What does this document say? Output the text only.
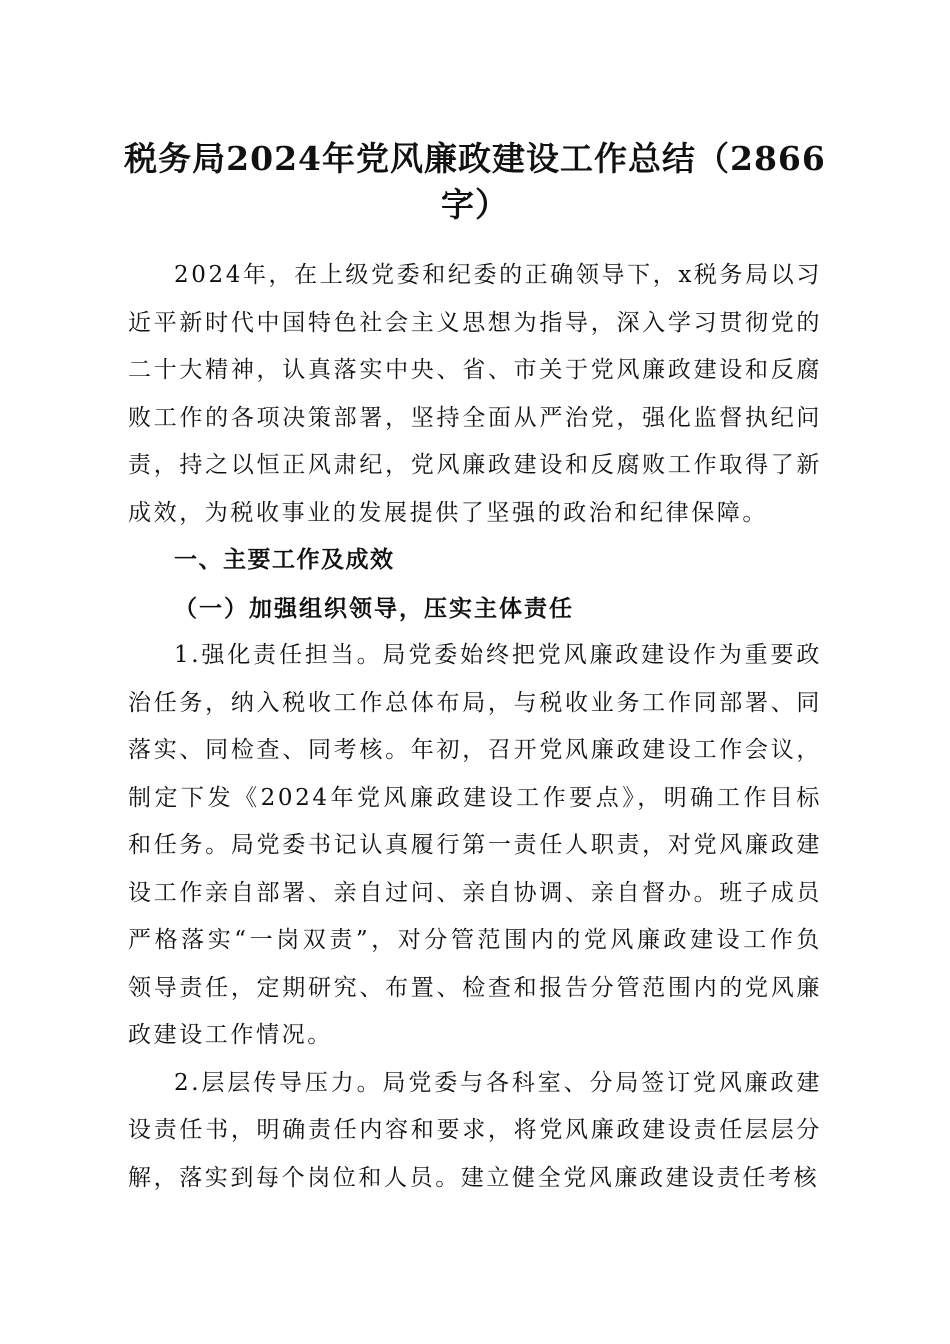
税务局2024年党风廉政建设工作总结（2866字）

2024年，在上级党委和纪委的正确领导下，x税务局以习近平新时代中国特色社会主义思想为指导，深入学习贯彻党的二十大精神，认真落实中央、省、市关于党风廉政建设和反腐败工作的各项决策部署，坚持全面从严治党，强化监督执纪问责，持之以恒正风肃纪，党风廉政建设和反腐败工作取得了新成效，为税收事业的发展提供了坚强的政治和纪律保障。

一、主要工作及成效

（一）加强组织领导，压实主体责任

1.强化责任担当。局党委始终把党风廉政建设作为重要政治任务，纳入税收工作总体布局，与税收业务工作同部署、同落实、同检查、同考核。年初，召开党风廉政建设工作会议，制定下发《2024年党风廉政建设工作要点》，明确工作目标和任务。局党委书记认真履行第一责任人职责，对党风廉政建设工作亲自部署、亲自过问、亲自协调、亲自督办。班子成员严格落实“一岗双责”，对分管范围内的党风廉政建设工作负领导责任，定期研究、布置、检查和报告分管范围内的党风廉政建设工作情况。

2.层层传导压力。局党委与各科室、分局签订党风廉政建设责任书，明确责任内容和要求，将党风廉政建设责任层层分解，落实到每个岗位和人员。建立健全党风廉政建设责任考核
